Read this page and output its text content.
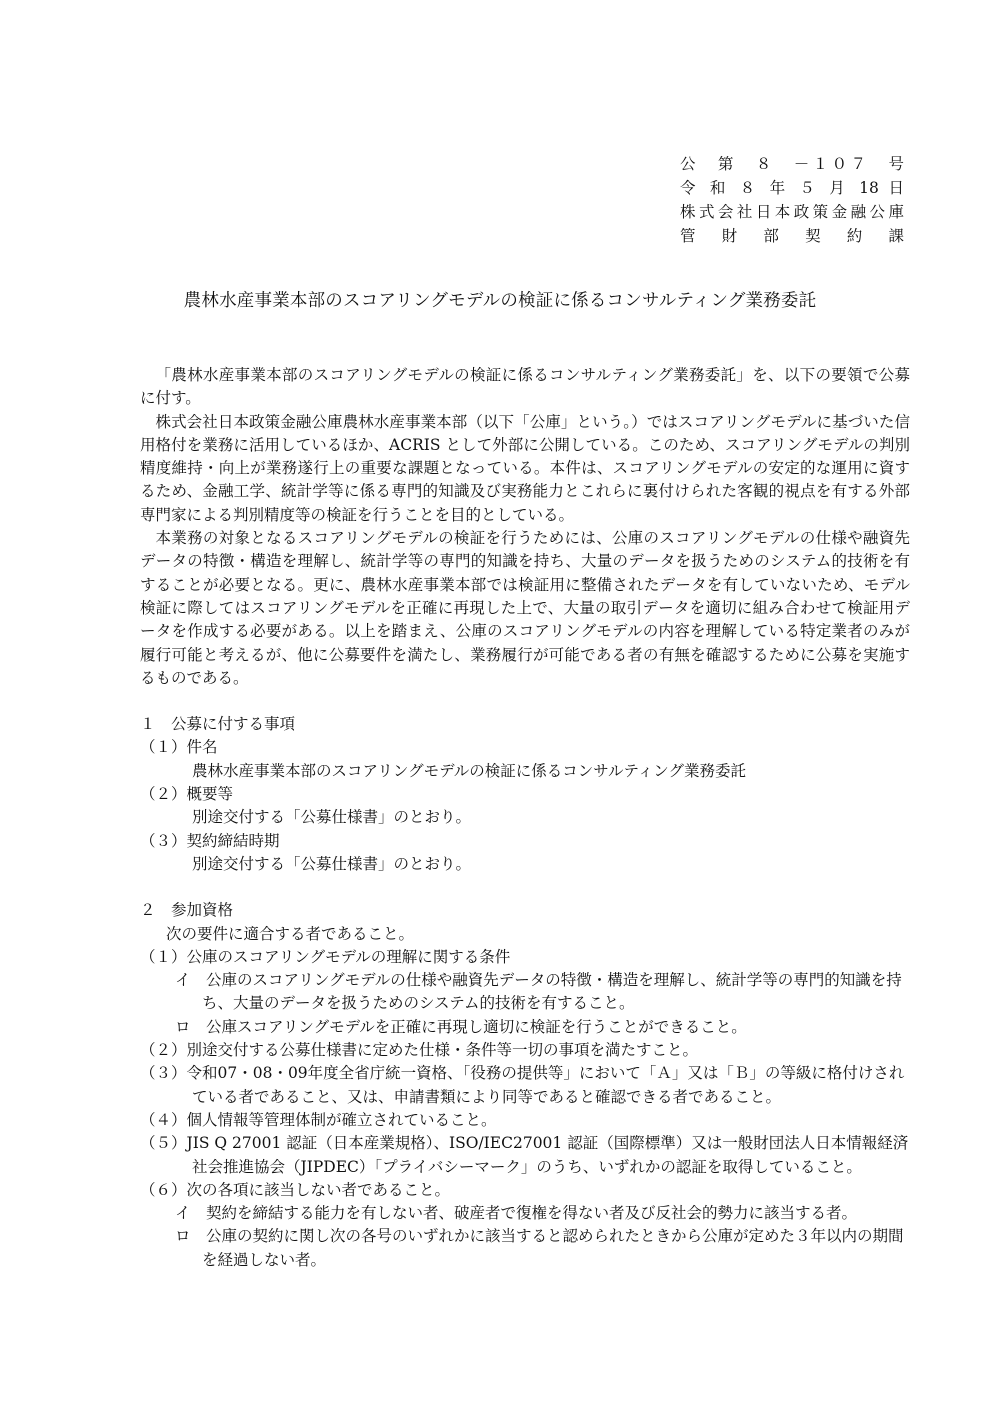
公　第　８　－１０７　号
令 和 ８ 年 ５ 月 18 日
株式会社日本政策金融公庫
管　財　部　契　約　課
農林水産事業本部のスコアリングモデルの検証に係るコンサルティング業務委託

「農林水産事業本部のスコアリングモデルの検証に係るコンサルティング業務委託」を、以下の要領で公募に付す。

株式会社日本政策金融公庫農林水産事業本部（以下「公庫」という。）ではスコアリングモデルに基づいた信用格付を業務に活用しているほか、ACRIS として外部に公開している。このため、スコアリングモデルの判別精度維持・向上が業務遂行上の重要な課題となっている。本件は、スコアリングモデルの安定的な運用に資するため、金融工学、統計学等に係る専門的知識及び実務能力とこれらに裏付けられた客観的視点を有する外部専門家による判別精度等の検証を行うことを目的としている。

本業務の対象となるスコアリングモデルの検証を行うためには、公庫のスコアリングモデルの仕様や融資先データの特徴・構造を理解し、統計学等の専門的知識を持ち、大量のデータを扱うためのシステム的技術を有することが必要となる。更に、農林水産事業本部では検証用に整備されたデータを有していないため、モデル検証に際してはスコアリングモデルを正確に再現した上で、大量の取引データを適切に組み合わせて検証用データを作成する必要がある。以上を踏まえ、公庫のスコアリングモデルの内容を理解している特定業者のみが履行可能と考えるが、他に公募要件を満たし、業務履行が可能である者の有無を確認するために公募を実施するものである。

１　公募に付する事項

（１）件名

農林水産事業本部のスコアリングモデルの検証に係るコンサルティング業務委託

（２）概要等

別途交付する「公募仕様書」のとおり。

（３）契約締結時期

別途交付する「公募仕様書」のとおり。

２　参加資格

次の要件に適合する者であること。

（１）公庫のスコアリングモデルの理解に関する条件

イ　公庫のスコアリングモデルの仕様や融資先データの特徴・構造を理解し、統計学等の専門的知識を持ち、大量のデータを扱うためのシステム的技術を有すること。

ロ　公庫スコアリングモデルを正確に再現し適切に検証を行うことができること。

（２）別途交付する公募仕様書に定めた仕様・条件等一切の事項を満たすこと。

（３）令和07・08・09年度全省庁統一資格、「役務の提供等」において「Ａ」又は「Ｂ」の等級に格付けされている者であること、又は、申請書類により同等であると確認できる者であること。

（４）個人情報等管理体制が確立されていること。

（５）JIS Q 27001 認証（日本産業規格）、ISO/IEC27001 認証（国際標準）又は一般財団法人日本情報経済社会推進協会（JIPDEC）「プライバシーマーク」のうち、いずれかの認証を取得していること。

（６）次の各項に該当しない者であること。

イ　契約を締結する能力を有しない者、破産者で復権を得ない者及び反社会的勢力に該当する者。

ロ　公庫の契約に関し次の各号のいずれかに該当すると認められたときから公庫が定めた３年以内の期間を経過しない者。
